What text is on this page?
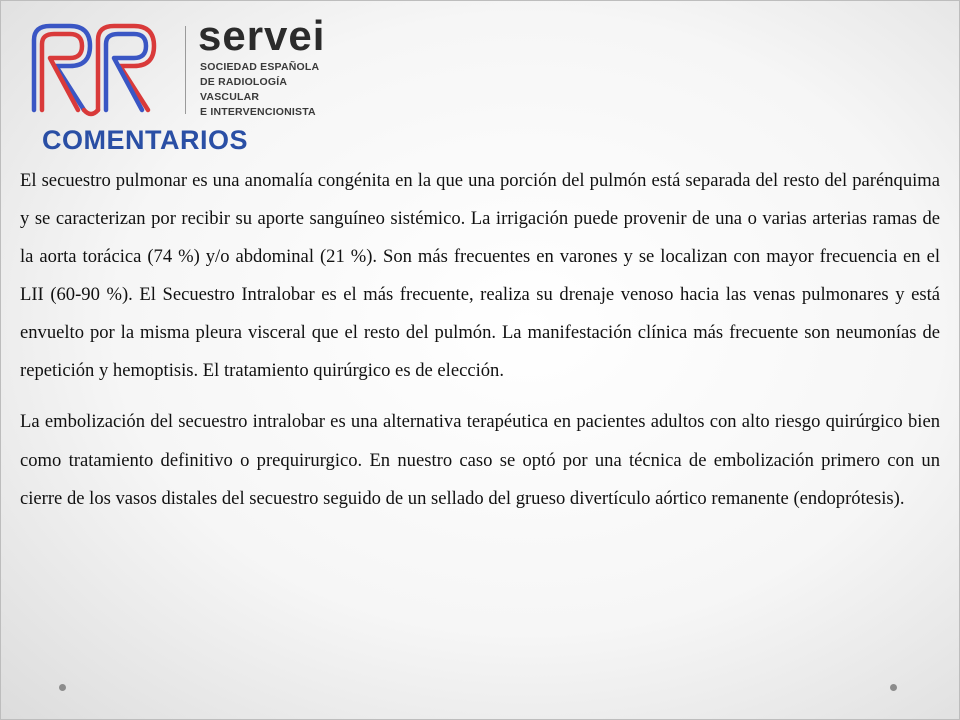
servei
SOCIEDAD ESPAÑOLA
DE RADIOLOGÍA
VASCULAR
E INTERVENCIONISTA
COMENTARIOS

El secuestro pulmonar es una anomalía congénita en la que una porción del pulmón está separada del resto del parénquima y se caracterizan por recibir su aporte sanguíneo sistémico. La irrigación puede provenir de una o varias arterias ramas de la aorta torácica (74 %) y/o abdominal (21 %). Son más frecuentes en varones y se localizan con mayor frecuencia en el LII (60-90 %). El Secuestro Intralobar es el más frecuente, realiza su drenaje venoso hacia las venas pulmonares y está envuelto por la misma pleura visceral que el resto del pulmón. La manifestación clínica más frecuente son neumonías de repetición y hemoptisis. El tratamiento quirúrgico es de elección.

La embolización del secuestro intralobar es una alternativa terapéutica en pacientes adultos con alto riesgo quirúrgico bien como tratamiento definitivo o prequirurgico. En nuestro caso se optó por una técnica de embolización primero con un cierre de los vasos distales del secuestro seguido de un sellado del grueso divertículo aórtico remanente (endoprótesis).
